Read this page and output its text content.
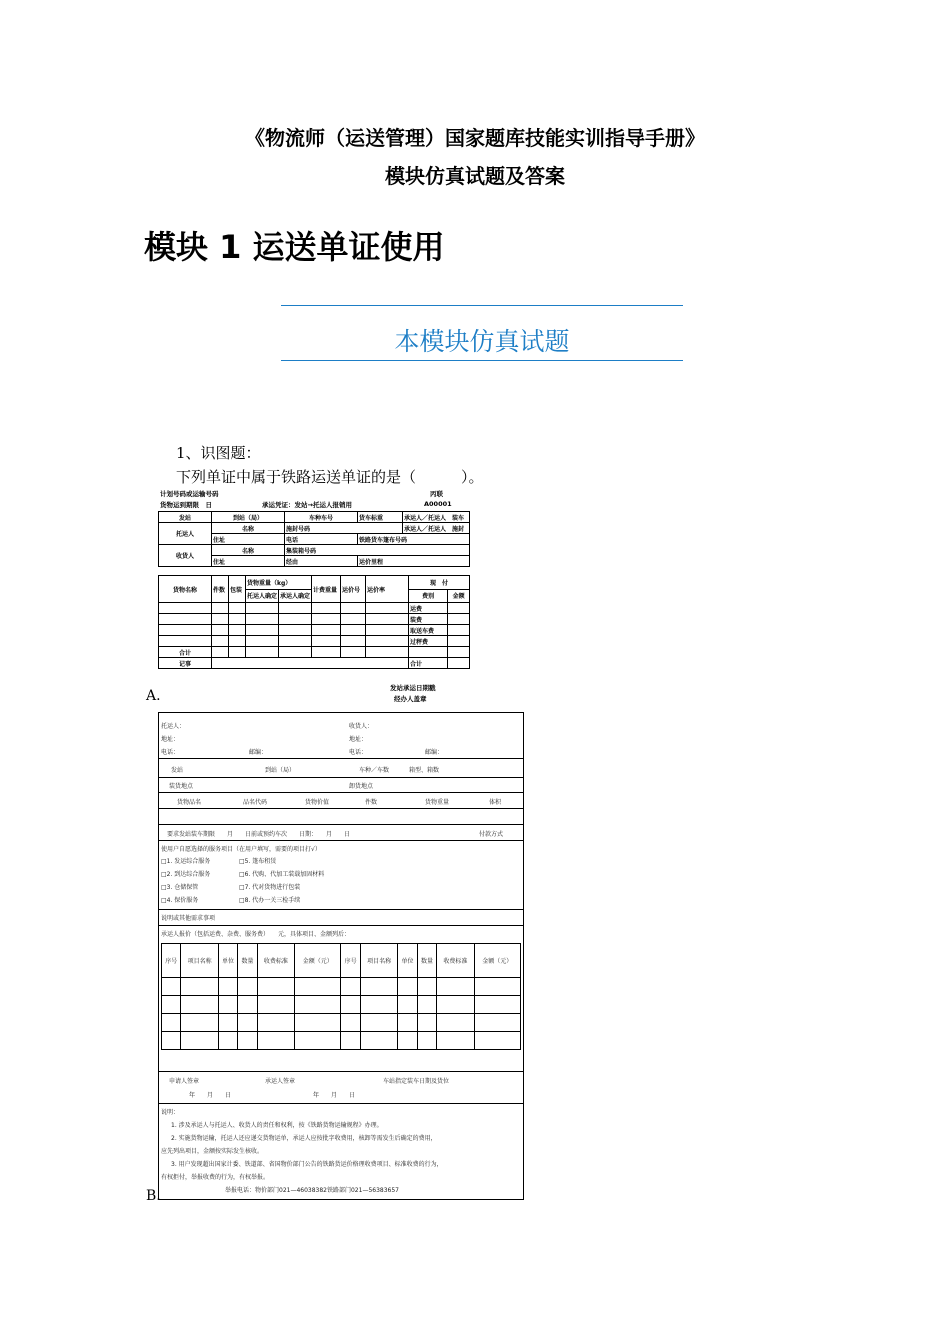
《物流师（运送管理）国家题库技能实训指导手册》
模块仿真试题及答案
模块 1 运送单证使用
本模块仿真试题
1、识图题：
下列单证中属于铁路运送单证的是（　　　）。
计划号码或运输号码	丙联
货物运到期限　日	承运凭证：发站→托运人报销用	A00001
发站	到站（局）	车种车号	货车标重	承运人／托运人　装车
托运人	名称	施封号码		承运人／托运人　施封
	住址	电话	铁路货车篷布号码	
收货人	名称	集装箱号码		
	住址	经由	运价里程	
货物名称	件数	包装	货物重量（kg）		计费重量	运价号	运价率	现　付	
			托运人确定	承运人确定				费别	金额
								运费	
								装费	
								取送车费	
								过秤费	
合计									
记事								合计	
发站承运日期戳
经办人盖章
A.
托运人：	收货人：
地址：	地址：
电话：	邮编：	电话：	邮编：
发站	到站（局）	车种／车数	箱型、箱数
装货地点	卸货地点
货物品名	品名代码	货物价值	件数	货物重量	体积
要求发站装车期限　　月　　日前或预约车次　　日期：　　月　　日	付款方式
使用户自愿选择的服务项目（在用户填写，需要的项目打√）
□1. 发运综合服务	□5. 篷布租赁
□2. 到达综合服务	□6. 代购、代加工装载加固材料
□3. 仓储保管	□7. 代对货物进行包装
□4. 保价服务	□8. 代办一关三检手续
说明或其他需求事项
承运人报价（包括运费、杂费、服务费）　　元，具体项目、金额列后：
序号	项目名称	单位	数量	收费标准	金额（元）	序号	项目名称	单位	数量	收费标准	金额（元）

申请人签章	承运人签章	车站指定装车日期及货位
年　　月　　日	年　　月　　日
说明：
1. 涉及承运人与托运人、收货人的责任和权利，按《铁路货物运输规程》办理。
2. 实施货物运输，托运人还应递交货物运单，承运人应按批字收费用，核卸等需发生后确定的费用，
应先列出项目，金额按实际发生核收。
3. 用户发现超出国家计委、铁道部、省国物价部门公告的铁路货运价格理收费项目、标准收费的行为，
有权拒付，举报收费的行为，有权举报。
举报电话：物价部门021—46038382铁路部门021—56383657
B.
